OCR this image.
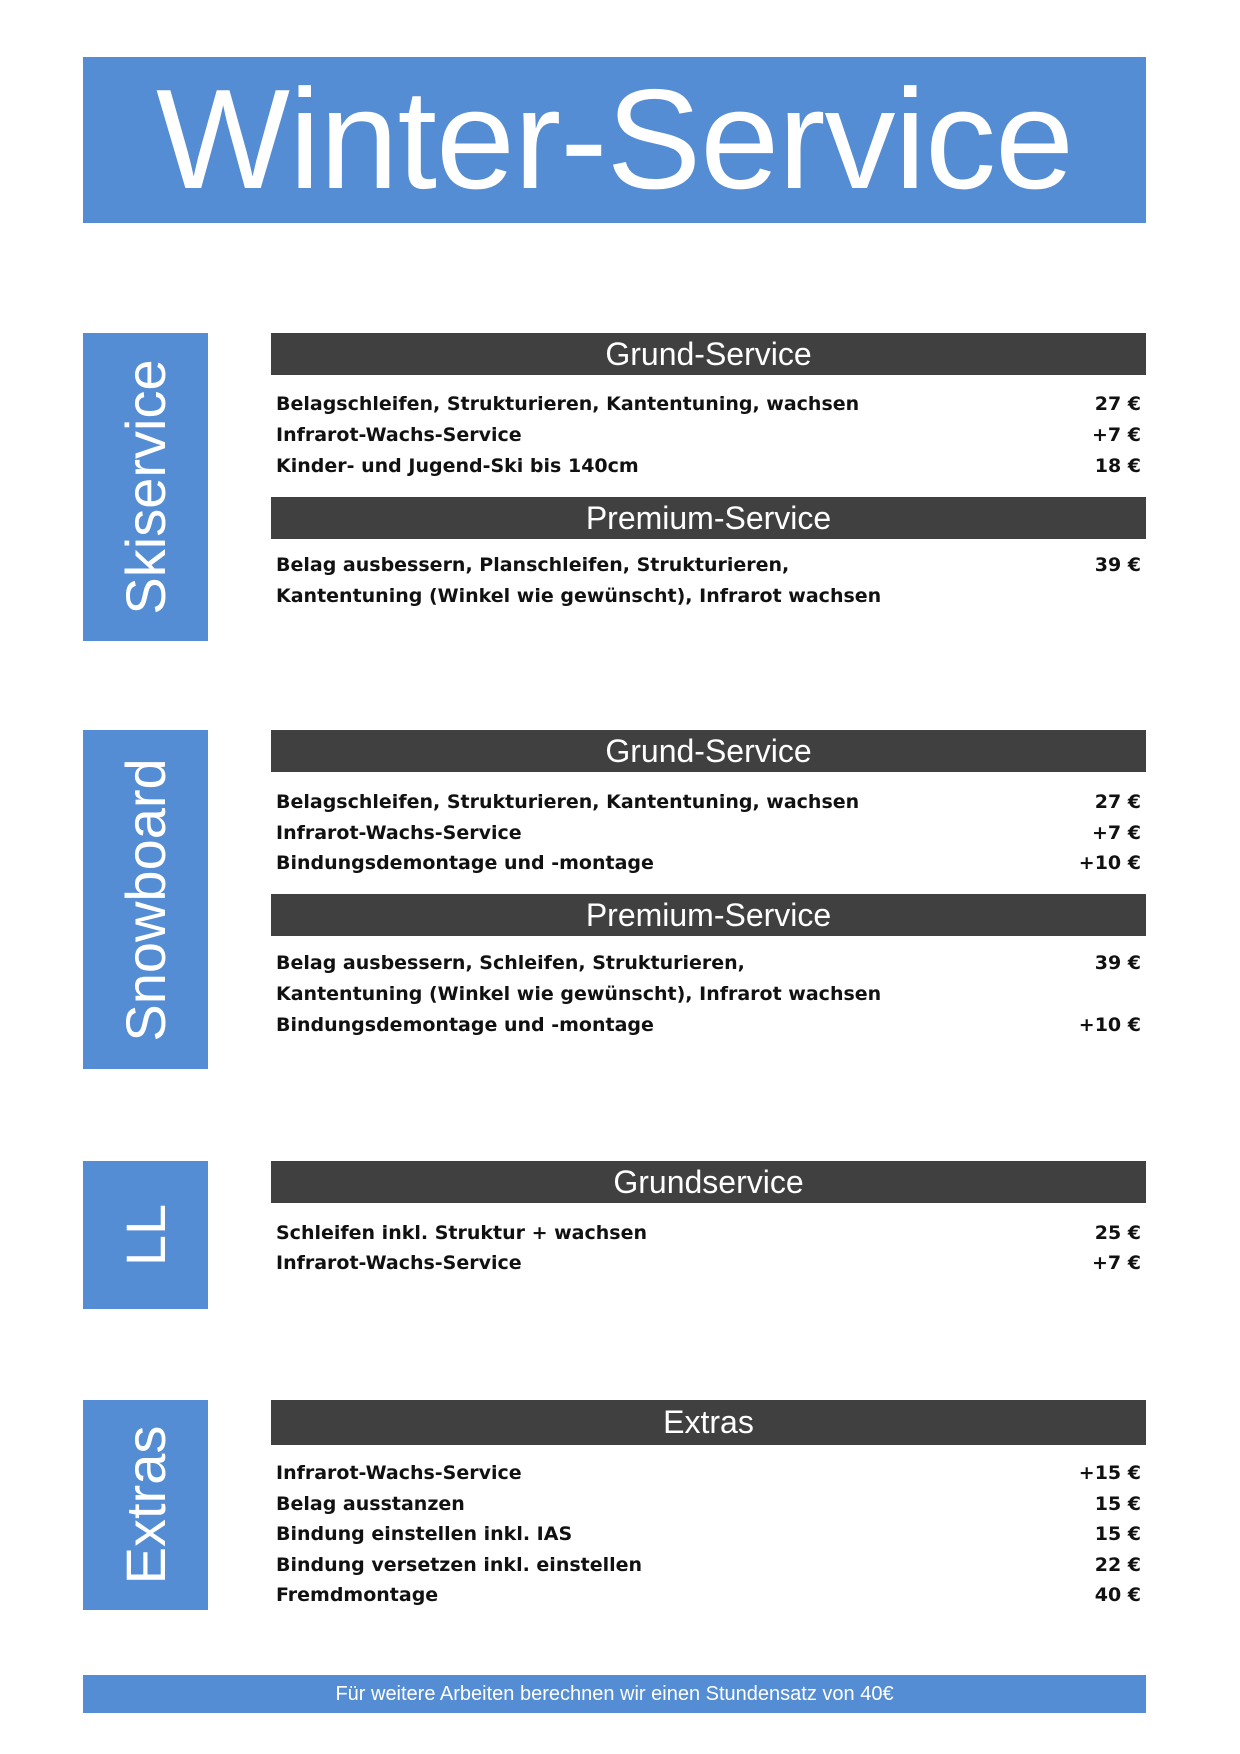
Winter-Service
Skiservice
Grund-Service
Belagschleifen, Strukturieren, Kantentuning, wachsen	27 €
Infrarot-Wachs-Service	+7 €
Kinder- und Jugend-Ski bis 140cm	18 €
Premium-Service
Belag ausbessern, Planschleifen, Strukturieren,	39 €
Kantentuning (Winkel wie gewünscht), Infrarot wachsen
Snowboard
Grund-Service
Belagschleifen, Strukturieren, Kantentuning, wachsen	27 €
Infrarot-Wachs-Service	+7 €
Bindungsdemontage und -montage	+10 €
Premium-Service
Belag ausbessern, Schleifen, Strukturieren,	39 €
Kantentuning (Winkel wie gewünscht), Infrarot wachsen
Bindungsdemontage und -montage	+10 €
LL
Grundservice
Schleifen inkl. Struktur + wachsen	25 €
Infrarot-Wachs-Service	+7 €
Extras
Extras
Infrarot-Wachs-Service	+15 €
Belag ausstanzen	15 €
Bindung einstellen inkl. IAS	15 €
Bindung versetzen inkl. einstellen	22 €
Fremdmontage	40 €
Für weitere Arbeiten berechnen wir einen Stundensatz von 40€
